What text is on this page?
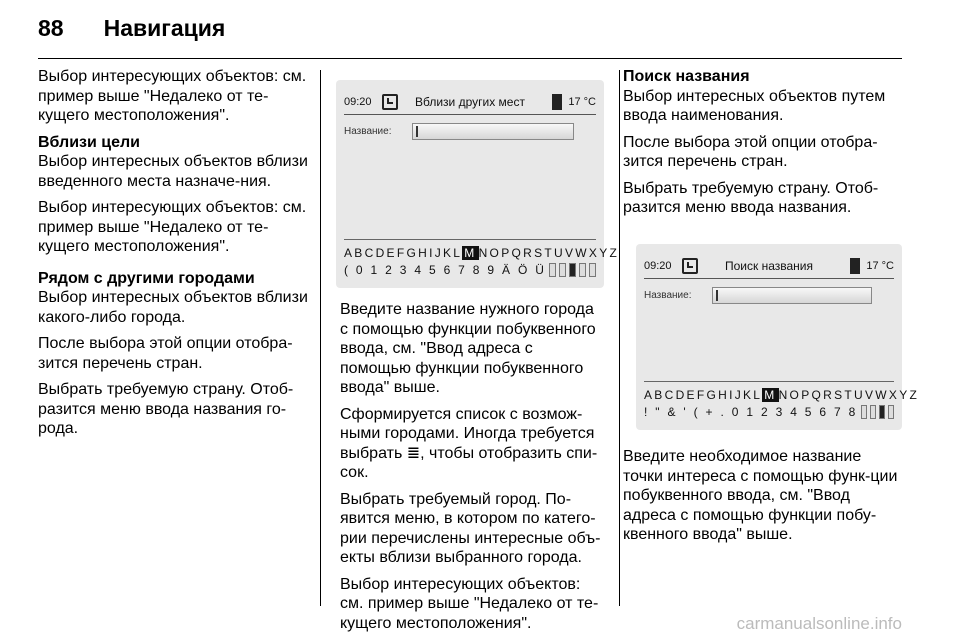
88 Навигация

Выбор интересующих объектов: см. пример выше "Недалеко от те-кущего местоположения".

Вблизи цели

Выбор интересных объектов вблизи введенного места назначе-ния.

Выбор интересующих объектов: см. пример выше "Недалеко от те-кущего местоположения".

Рядом с другими городами

Выбор интересных объектов вблизи какого-либо города.

После выбора этой опции отобра-зится перечень стран.

Выбрать требуемую страну. Отоб-разится меню ввода названия го-рода.

09:20	Вблизи других мест	17 °C
Название:
ABCDEFGHIJKL M NOPQRSTUVWXYZ
( 0 1 2 3 4 5 6 7 8 9 Ä Ö Ü

Введите название нужного города с помощью функции побуквенного ввода, см. "Ввод адреса с помощью функции побуквенного ввода" выше.

Сформируется список с возмож-ными городами. Иногда требуется выбрать ≣, чтобы отобразить спи-сок.

Выбрать требуемый город. По-явится меню, в котором по катего-рии перечислены интересные объ-екты вблизи выбранного города.

Выбор интересующих объектов: см. пример выше "Недалеко от те-кущего местоположения".

Поиск названия

Выбор интересных объектов путем ввода наименования.

После выбора этой опции отобра-зится перечень стран.

Выбрать требуемую страну. Отоб-разится меню ввода названия.

Введите необходимое название точки интереса с помощью функ-ции побуквенного ввода, см. "Ввод адреса с помощью функции побу-квенного ввода" выше.

09:20	Поиск названия	17 °C
Название:
ABCDEFGHIJKL M NOPQRSTUVWXYZ
! " & ' ( + . 0 1 2 3 4 5 6 7 8
carmanualsonline.info
